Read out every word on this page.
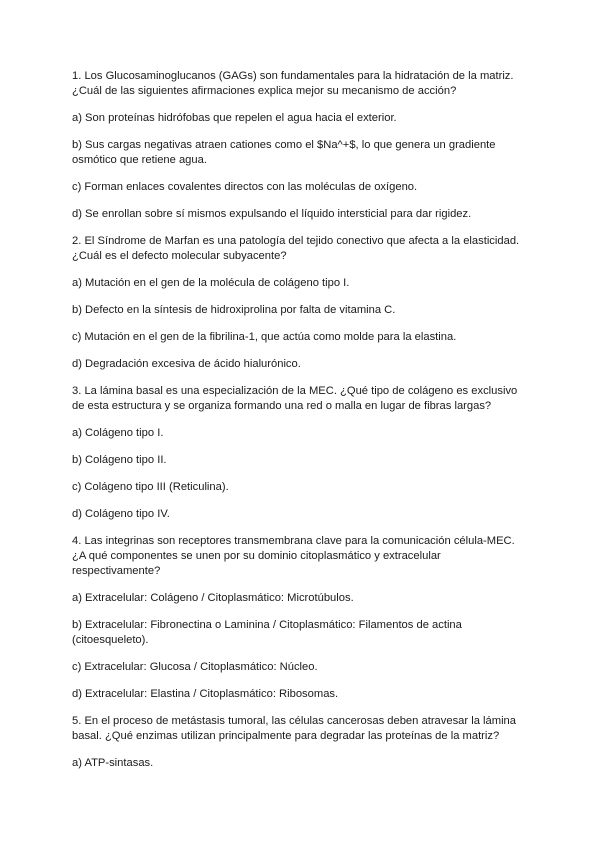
1. Los Glucosaminoglucanos (GAGs) son fundamentales para la hidratación de la matriz. ¿Cuál de las siguientes afirmaciones explica mejor su mecanismo de acción?

a) Son proteínas hidrófobas que repelen el agua hacia el exterior.

b) Sus cargas negativas atraen cationes como el $Na^+$, lo que genera un gradiente osmótico que retiene agua.

c) Forman enlaces covalentes directos con las moléculas de oxígeno.

d) Se enrollan sobre sí mismos expulsando el líquido intersticial para dar rigidez.

2. El Síndrome de Marfan es una patología del tejido conectivo que afecta a la elasticidad. ¿Cuál es el defecto molecular subyacente?

a) Mutación en el gen de la molécula de colágeno tipo I.

b) Defecto en la síntesis de hidroxiprolina por falta de vitamina C.

c) Mutación en el gen de la fibrilina-1, que actúa como molde para la elastina.

d) Degradación excesiva de ácido hialurónico.

3. La lámina basal es una especialización de la MEC. ¿Qué tipo de colágeno es exclusivo de esta estructura y se organiza formando una red o malla en lugar de fibras largas?

a) Colágeno tipo I.

b) Colágeno tipo II.

c) Colágeno tipo III (Reticulina).

d) Colágeno tipo IV.

4. Las integrinas son receptores transmembrana clave para la comunicación célula-MEC. ¿A qué componentes se unen por su dominio citoplasmático y extracelular respectivamente?

a) Extracelular: Colágeno / Citoplasmático: Microtúbulos.

b) Extracelular: Fibronectina o Laminina / Citoplasmático: Filamentos de actina (citoesqueleto).

c) Extracelular: Glucosa / Citoplasmático: Núcleo.

d) Extracelular: Elastina / Citoplasmático: Ribosomas.

5. En el proceso de metástasis tumoral, las células cancerosas deben atravesar la lámina basal. ¿Qué enzimas utilizan principalmente para degradar las proteínas de la matriz?

a) ATP-sintasas.
